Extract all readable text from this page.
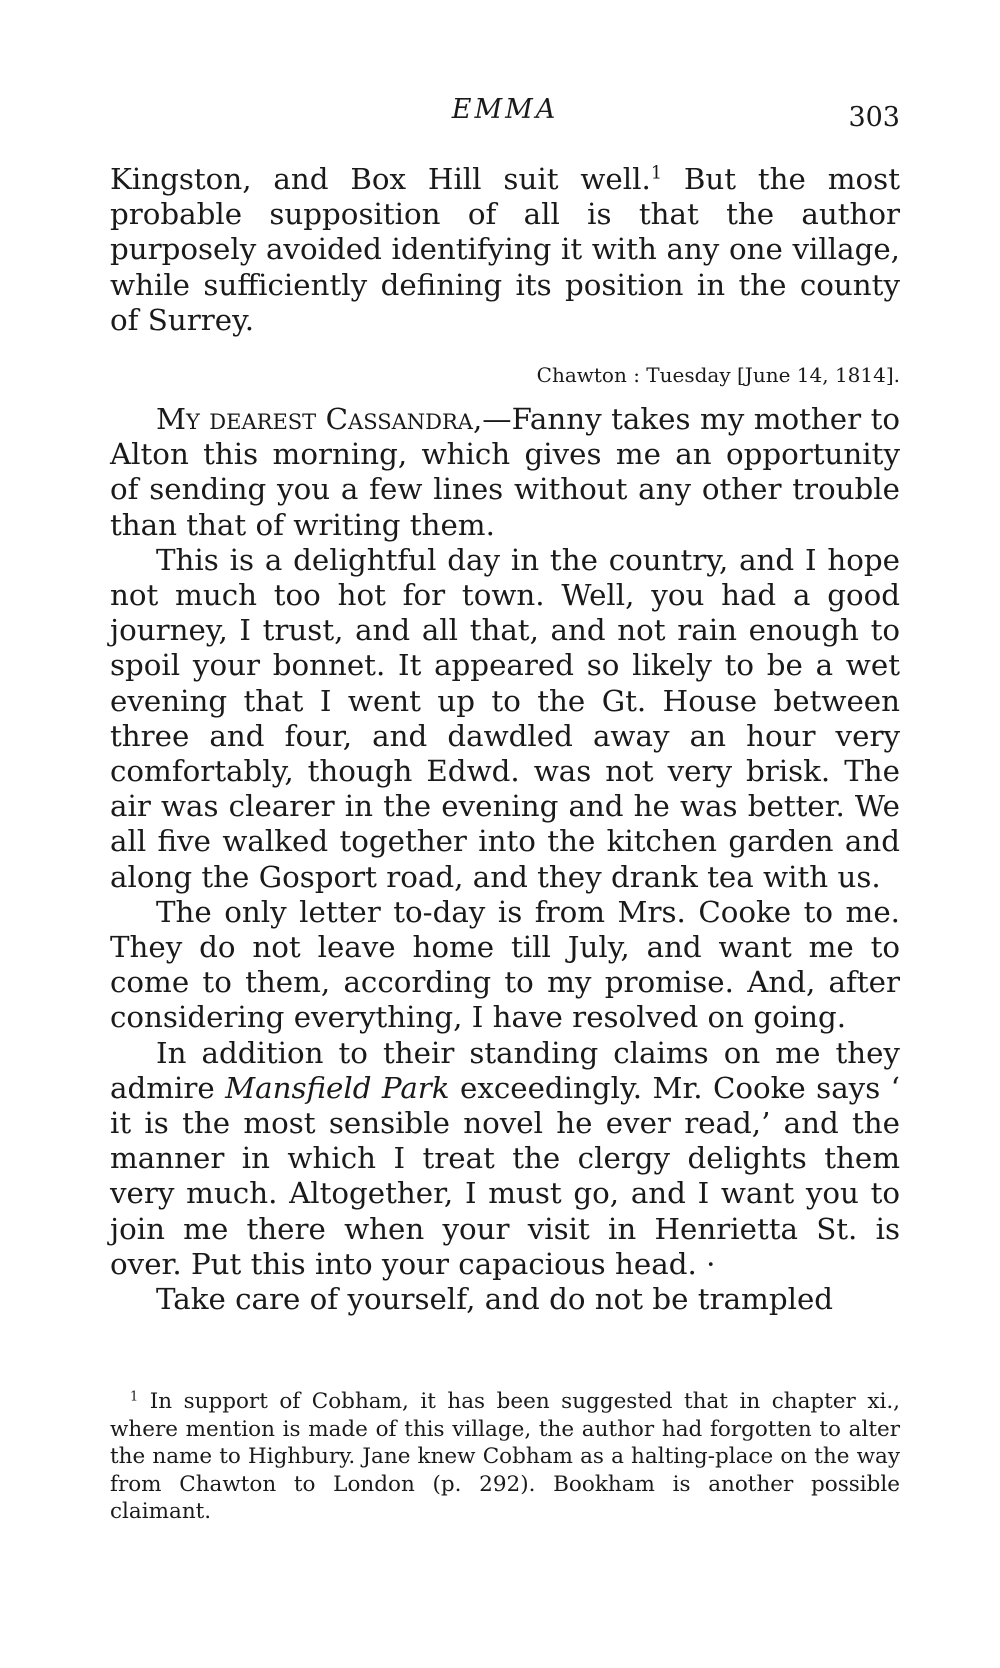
EMMA	303

Kingston, and Box Hill suit well.$^1$ But the most probable supposition of all is that the author purposely avoided identifying it with any one village, while sufficiently defining its position in the county of Surrey.

Chawton : Tuesday [June 14, 1814].

My dearest Cassandra,—Fanny takes my mother to Alton this morning, which gives me an opportunity of sending you a few lines without any other trouble than that of writing them.

This is a delightful day in the country, and I hope not much too hot for town. Well, you had a good journey, I trust, and all that, and not rain enough to spoil your bonnet. It appeared so likely to be a wet evening that I went up to the Gt. House between three and four, and dawdled away an hour very comfortably, though Edwd. was not very brisk. The air was clearer in the evening and he was better. We all five walked together into the kitchen garden and along the Gosport road, and they drank tea with us.

The only letter to-day is from Mrs. Cooke to me. They do not leave home till July, and want me to come to them, according to my promise. And, after considering everything, I have resolved on going.

In addition to their standing claims on me they admire Mansfield Park exceedingly. Mr. Cooke says ‘ it is the most sensible novel he ever read,’ and the manner in which I treat the clergy delights them very much. Altogether, I must go, and I want you to join me there when your visit in Henrietta St. is over. Put this into your capacious head. ·

Take care of yourself, and do not be trampled

$^1$ In support of Cobham, it has been suggested that in chapter xi., where mention is made of this village, the author had forgotten to alter the name to Highbury. Jane knew Cobham as a halting-place on the way from Chawton to London (p. 292). Bookham is another possible claimant.
